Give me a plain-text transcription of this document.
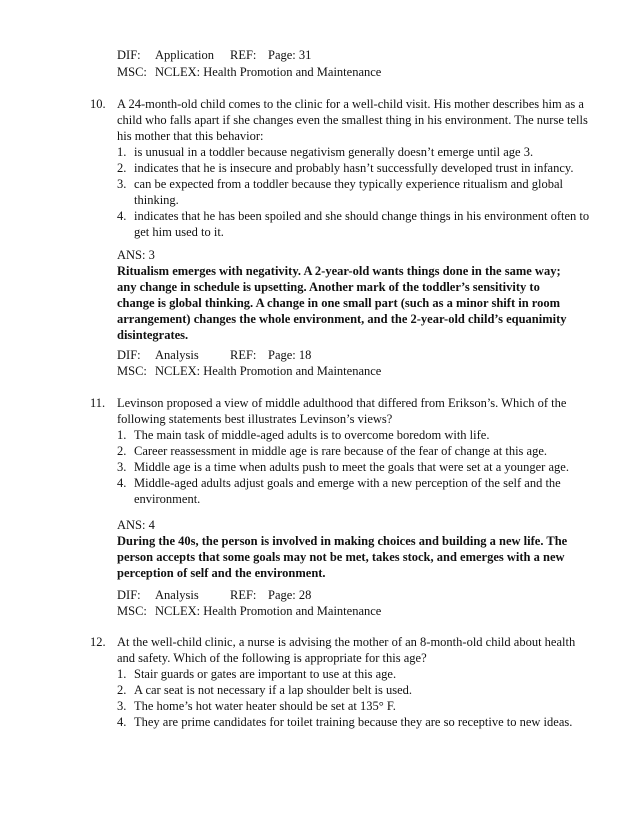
DIF: Application REF: Page: 31
MSC: NCLEX: Health Promotion and Maintenance
10. A 24-month-old child comes to the clinic for a well-child visit. His mother describes him as a child who falls apart if she changes even the smallest thing in his environment. The nurse tells his mother that this behavior:
1. is unusual in a toddler because negativism generally doesn’t emerge until age 3.
2. indicates that he is insecure and probably hasn’t successfully developed trust in infancy.
3. can be expected from a toddler because they typically experience ritualism and global thinking.
4. indicates that he has been spoiled and she should change things in his environment often to get him used to it.
ANS: 3
Ritualism emerges with negativity. A 2-year-old wants things done in the same way; any change in schedule is upsetting. Another mark of the toddler’s sensitivity to change is global thinking. A change in one small part (such as a minor shift in room arrangement) changes the whole environment, and the 2-year-old child’s equanimity disintegrates.
DIF: Analysis	REF: Page: 18
MSC: NCLEX: Health Promotion and Maintenance
11. Levinson proposed a view of middle adulthood that differed from Erikson’s. Which of the following statements best illustrates Levinson’s views?
1. The main task of middle-aged adults is to overcome boredom with life.
2. Career reassessment in middle age is rare because of the fear of change at this age.
3. Middle age is a time when adults push to meet the goals that were set at a younger age.
4. Middle-aged adults adjust goals and emerge with a new perception of the self and the environment.
ANS: 4
During the 40s, the person is involved in making choices and building a new life. The person accepts that some goals may not be met, takes stock, and emerges with a new perception of self and the environment.
DIF: Analysis	REF: Page: 28
MSC: NCLEX: Health Promotion and Maintenance
12. At the well-child clinic, a nurse is advising the mother of an 8-month-old child about health and safety. Which of the following is appropriate for this age?
1. Stair guards or gates are important to use at this age.
2. A car seat is not necessary if a lap shoulder belt is used.
3. The home’s hot water heater should be set at 135° F.
4. They are prime candidates for toilet training because they are so receptive to new ideas.
